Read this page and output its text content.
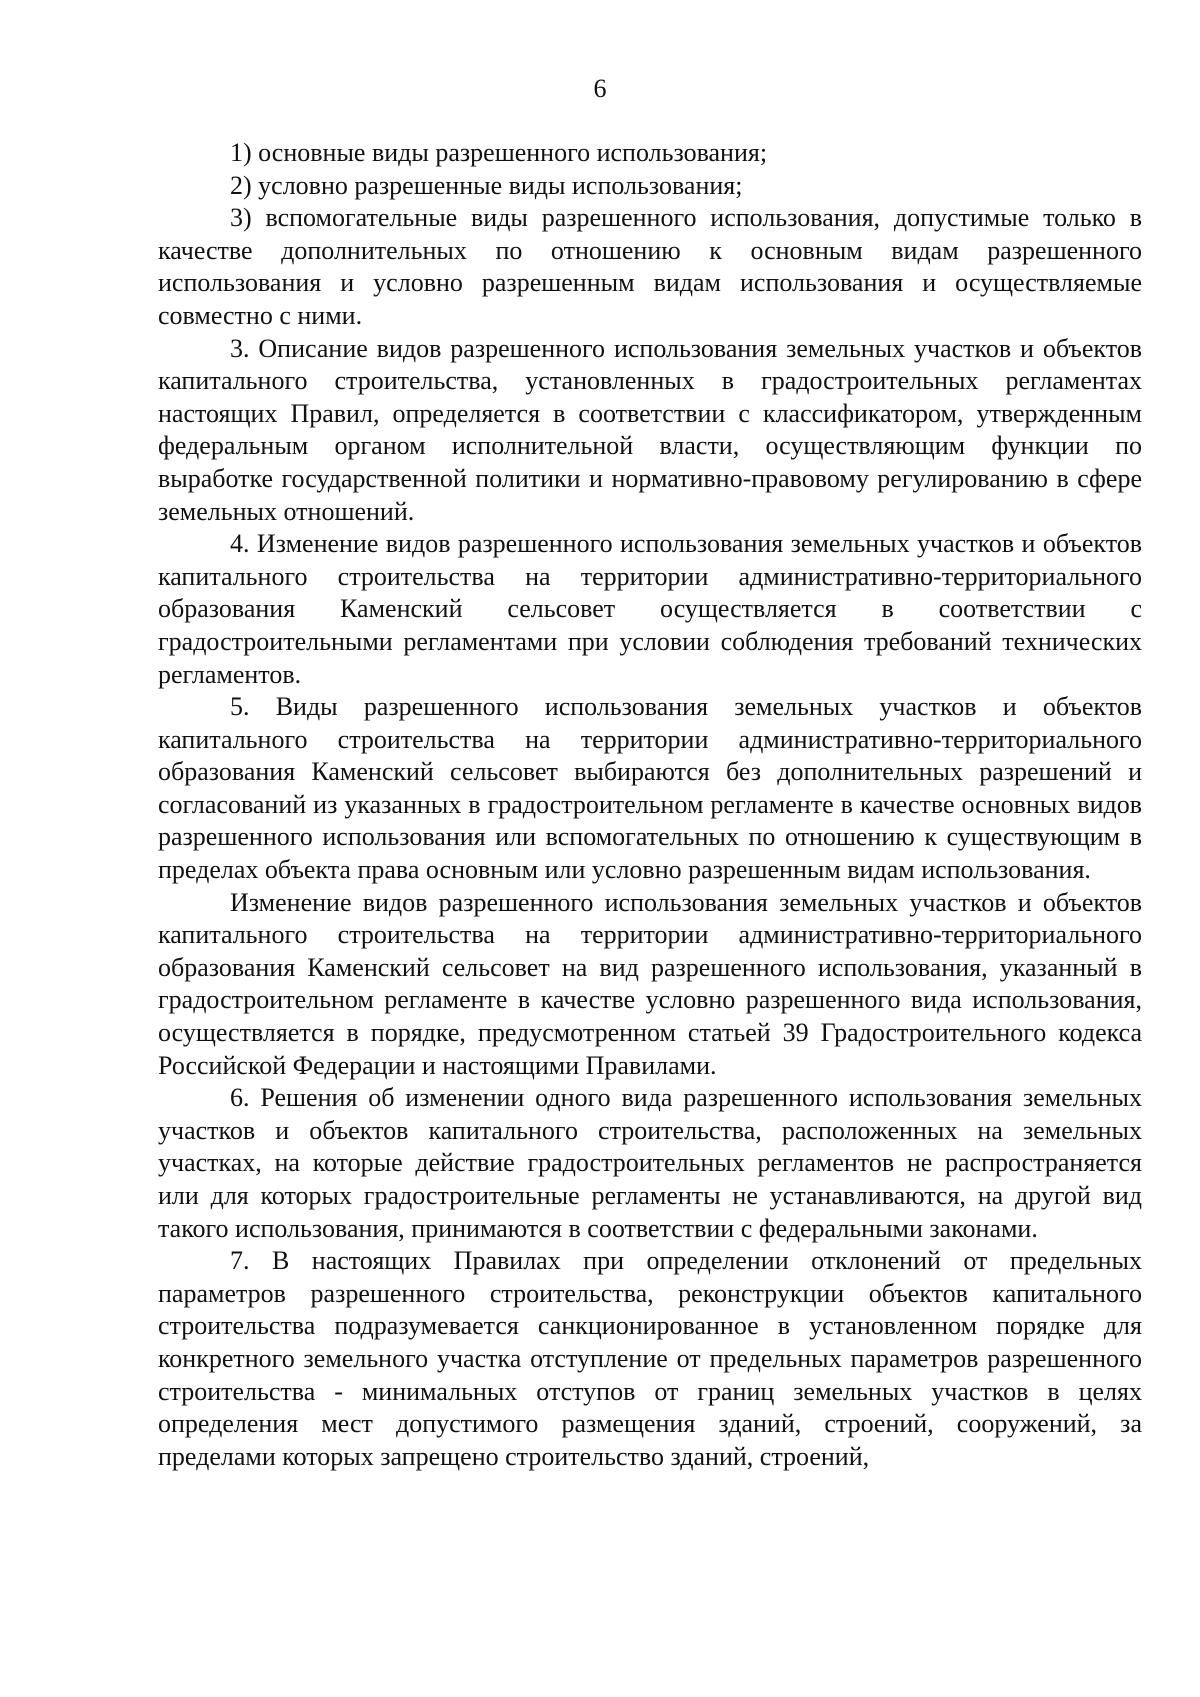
6

1) основные виды разрешенного использования;

2) условно разрешенные виды использования;

3) вспомогательные виды разрешенного использования, допустимые только в качестве дополнительных по отношению к основным видам разрешенного использования и условно разрешенным видам использования и осуществляемые совместно с ними.

3. Описание видов разрешенного использования земельных участков и объектов капитального строительства, установленных в градостроительных регламентах настоящих Правил, определяется в соответствии с классификатором, утвержденным федеральным органом исполнительной власти, осуществляющим функции по выработке государственной политики и нормативно-правовому регулированию в сфере земельных отношений.

4. Изменение видов разрешенного использования земельных участков и объектов капитального строительства на территории административно-территориального образования Каменский сельсовет осуществляется в соответствии с градостроительными регламентами при условии соблюдения требований технических регламентов.

5. Виды разрешенного использования земельных участков и объектов капитального строительства на территории административно-территориального образования Каменский сельсовет выбираются без дополнительных разрешений и согласований из указанных в градостроительном регламенте в качестве основных видов разрешенного использования или вспомогательных по отношению к существующим в пределах объекта права основным или условно разрешенным видам использования.

Изменение видов разрешенного использования земельных участков и объектов капитального строительства на территории административно-территориального образования Каменский сельсовет на вид разрешенного использования, указанный в градостроительном регламенте в качестве условно разрешенного вида использования, осуществляется в порядке, предусмотренном статьей 39 Градостроительного кодекса Российской Федерации и настоящими Правилами.

6. Решения об изменении одного вида разрешенного использования земельных участков и объектов капитального строительства, расположенных на земельных участках, на которые действие градостроительных регламентов не распространяется или для которых градостроительные регламенты не устанавливаются, на другой вид такого использования, принимаются в соответствии с федеральными законами.

7. В настоящих Правилах при определении отклонений от предельных параметров разрешенного строительства, реконструкции объектов капитального строительства подразумевается санкционированное в установленном порядке для конкретного земельного участка отступление от предельных параметров разрешенного строительства - минимальных отступов от границ земельных участков в целях определения мест допустимого размещения зданий, строений, сооружений, за пределами которых запрещено строительство зданий, строений,
